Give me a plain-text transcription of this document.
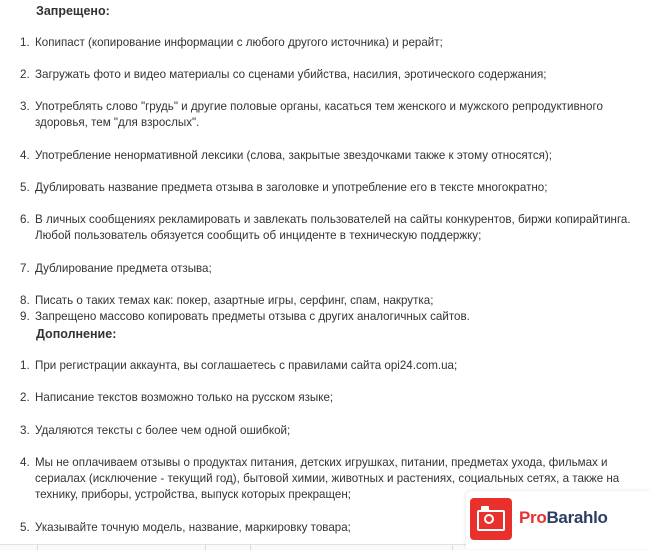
Запрещено:
1. Копипаст (копирование информации с любого другого источника) и рерайт;
2. Загружать фото и видео материалы со сценами убийства, насилия, эротического содержания;
3. Употреблять слово "грудь" и другие половые органы, касаться тем женского и мужского репродуктивного
здоровья, тем "для взрослых".
4. Употребление ненормативной лексики (слова, закрытые звездочками также к этому относятся);
5. Дублировать название предмета отзыва в заголовке и употребление его в тексте многократно;
6. В личных сообщениях рекламировать и завлекать пользователей на сайты конкурентов, биржи копирайтинга.
Любой пользователь обязуется сообщить об инциденте в техническую поддержку;
7. Дублирование предмета отзыва;
8. Писать о таких темах как: покер, азартные игры, серфинг, спам, накрутка;
9. Запрещено массово копировать предметы отзыва с других аналогичных сайтов.
Дополнение:
1. При регистрации аккаунта, вы соглашаетесь с правилами сайта opi24.com.ua;
2. Написание текстов возможно только на русском языке;
3. Удаляются тексты с более чем одной ошибкой;
4. Мы не оплачиваем отзывы о продуктах питания, детских игрушках, питании, предметах ухода, фильмах и
сериалах (исключение - текущий год), бытовой химии, животных и растениях, социальных сетях, а также на
технику, приборы, устройства, выпуск которых прекращен;
5. Указывайте точную модель, название, маркировку товара;
ProBarahlo
